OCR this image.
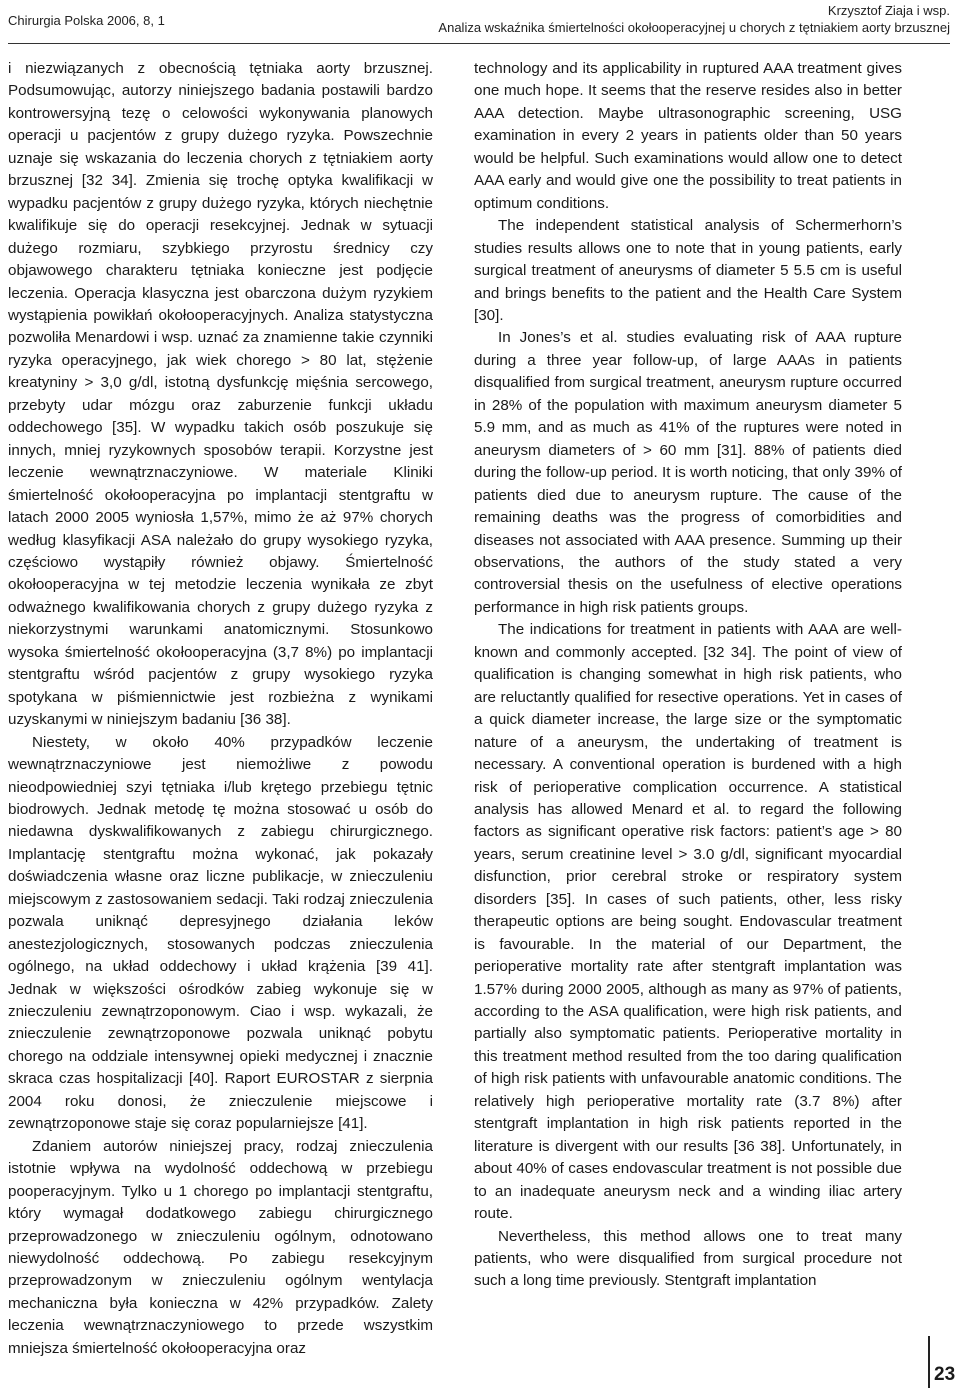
Chirurgia Polska 2006, 8, 1
Krzysztof Ziaja i wsp.
Analiza wskaźnika śmiertelności okołooperacyjnej u chorych z tętniakiem aorty brzusznej

i niezwiązanych z obecnością tętniaka aorty brzusznej. Podsumowując, autorzy niniejszego badania postawili bardzo kontrowersyjną tezę o celowości wykonywania planowych operacji u pacjentów z grupy dużego ryzyka. Powszechnie uznaje się wskazania do leczenia chorych z tętniakiem aorty brzusznej [32 34]. Zmienia się trochę optyka kwalifikacji w wypadku pacjentów z grupy dużego ryzyka, których niechętnie kwalifikuje się do operacji resekcyjnej. Jednak w sytuacji dużego rozmiaru, szybkiego przyrostu średnicy czy objawowego charakteru tętniaka konieczne jest podjęcie leczenia. Operacja klasyczna jest obarczona dużym ryzykiem wystąpienia powikłań okołooperacyjnych. Analiza statystyczna pozwoliła Menardowi i wsp. uznać za znamienne takie czynniki ryzyka operacyjnego, jak wiek chorego > 80 lat, stężenie kreatyniny > 3,0 g/dl, istotną dysfunkcję mięśnia sercowego, przebyty udar mózgu oraz zaburzenie funkcji układu oddechowego [35]. W wypadku takich osób poszukuje się innych, mniej ryzykownych sposobów terapii. Korzystne jest leczenie wewnątrznaczyniowe. W materiale Kliniki śmiertelność okołooperacyjna po implantacji stentgraftu w latach 2000 2005 wyniosła 1,57%, mimo że aż 97% chorych według klasyfikacji ASA należało do grupy wysokiego ryzyka, częściowo wystąpiły również objawy. Śmiertelność okołooperacyjna w tej metodzie leczenia wynikała ze zbyt odważnego kwalifikowania chorych z grupy dużego ryzyka z niekorzystnymi warunkami anatomicznymi. Stosunkowo wysoka śmiertelność okołooperacyjna (3,7 8%) po implantacji stentgraftu wśród pacjentów z grupy wysokiego ryzyka spotykana w piśmiennictwie jest rozbieżna z wynikami uzyskanymi w niniejszym badaniu [36 38].

Niestety, w około 40% przypadków leczenie wewnątrznaczyniowe jest niemożliwe z powodu nieodpowiedniej szyi tętniaka i/lub krętego przebiegu tętnic biodrowych. Jednak metodę tę można stosować u osób do niedawna dyskwalifikowanych z zabiegu chirurgicznego. Implantację stentgraftu można wykonać, jak pokazały doświadczenia własne oraz liczne publikacje, w znieczuleniu miejscowym z zastosowaniem sedacji. Taki rodzaj znieczulenia pozwala uniknąć depresyjnego działania leków anestezjologicznych, stosowanych podczas znieczulenia ogólnego, na układ oddechowy i układ krążenia [39 41]. Jednak w większości ośrodków zabieg wykonuje się w znieczuleniu zewnątrzoponowym. Ciao i wsp. wykazali, że znieczulenie zewnątrzoponowe pozwala uniknąć pobytu chorego na oddziale intensywnej opieki medycznej i znacznie skraca czas hospitalizacji [40]. Raport EUROSTAR z sierpnia 2004 roku donosi, że znieczulenie miejscowe i zewnątrzoponowe staje się coraz popularniejsze [41].

Zdaniem autorów niniejszej pracy, rodzaj znieczulenia istotnie wpływa na wydolność oddechową w przebiegu pooperacyjnym. Tylko u 1 chorego po implantacji stentgraftu, który wymagał dodatkowego zabiegu chirurgicznego przeprowadzonego w znieczuleniu ogólnym, odnotowano niewydolność oddechową. Po zabiegu resekcyjnym przeprowadzonym w znieczuleniu ogólnym wentylacja mechaniczna była konieczna w 42% przypadków. Zalety leczenia wewnątrznaczyniowego to przede wszystkim mniejsza śmiertelność okołooperacyjna oraz

technology and its applicability in ruptured AAA treatment gives one much hope. It seems that the reserve resides also in better AAA detection. Maybe ultrasonographic screening, USG examination in every 2 years in patients older than 50 years would be helpful. Such examinations would allow one to detect AAA early and would give one the possibility to treat patients in optimum conditions.

The independent statistical analysis of Schermerhorn’s studies results allows one to note that in young patients, early surgical treatment of aneurysms of diameter 5 5.5 cm is useful and brings benefits to the patient and the Health Care System [30].

In Jones’s et al. studies evaluating risk of AAA rupture during a three year follow-up, of large AAAs in patients disqualified from surgical treatment, aneurysm rupture occurred in 28% of the population with maximum aneurysm diameter 5 5.9 mm, and as much as 41% of the ruptures were noted in aneurysm diameters of > 60 mm [31]. 88% of patients died during the follow-up period. It is worth noticing, that only 39% of patients died due to aneurysm rupture. The cause of the remaining deaths was the progress of comorbidities and diseases not associated with AAA presence. Summing up their observations, the authors of the study stated a very controversial thesis on the usefulness of elective operations performance in high risk patients groups.

The indications for treatment in patients with AAA are well-known and commonly accepted. [32 34]. The point of view of qualification is changing somewhat in high risk patients, who are reluctantly qualified for resective operations. Yet in cases of a quick diameter increase, the large size or the symptomatic nature of a aneurysm, the undertaking of treatment is necessary. A conventional operation is burdened with a high risk of perioperative complication occurrence. A statistical analysis has allowed Menard et al. to regard the following factors as significant operative risk factors: patient’s age > 80 years, serum creatinine level > 3.0 g/dl, significant myocardial disfunction, prior cerebral stroke or respiratory system disorders [35]. In cases of such patients, other, less risky therapeutic options are being sought. Endovascular treatment is favourable. In the material of our Department, the perioperative mortality rate after stentgraft implantation was 1.57% during 2000 2005, although as many as 97% of patients, according to the ASA qualification, were high risk patients, and partially also symptomatic patients. Perioperative mortality in this treatment method resulted from the too daring qualification of high risk patients with unfavourable anatomic conditions. The relatively high perioperative mortality rate (3.7 8%) after stentgraft implantation in high risk patients reported in the literature is divergent with our results [36 38]. Unfortunately, in about 40% of cases endovascular treatment is not possible due to an inadequate aneurysm neck and a winding iliac artery route.

Nevertheless, this method allows one to treat many patients, who were disqualified from surgical procedure not such a long time previously. Stentgraft implantation

23
